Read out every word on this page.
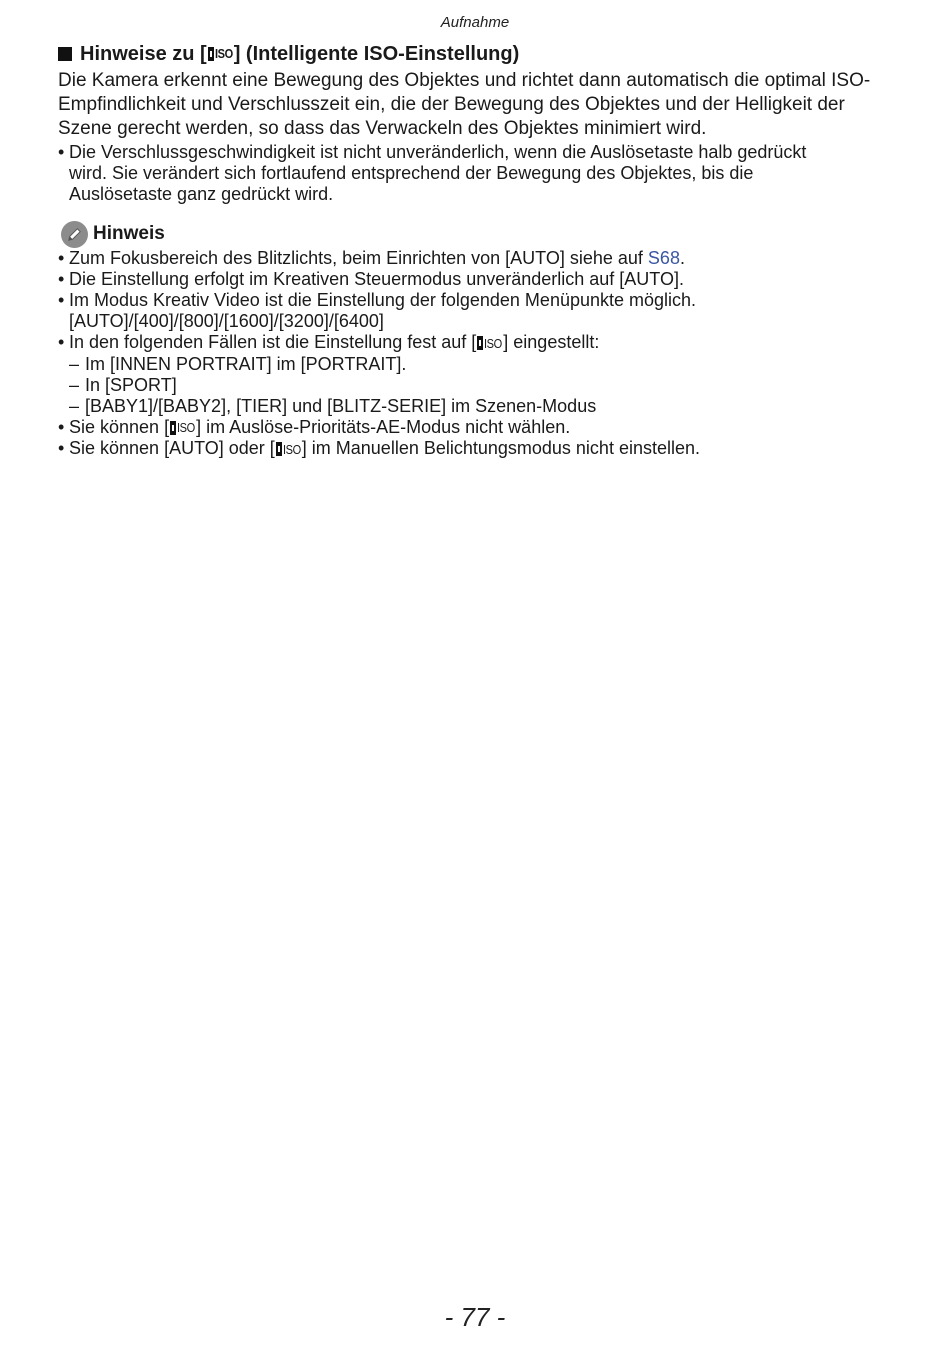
Aufnahme
Hinweise zu [ ISO ] (Intelligente ISO-Einstellung)
Die Kamera erkennt eine Bewegung des Objektes und richtet dann automatisch die optimal ISO-Empfindlichkeit und Verschlusszeit ein, die der Bewegung des Objektes und der Helligkeit der Szene gerecht werden, so dass das Verwackeln des Objektes minimiert wird.
• Die Verschlussgeschwindigkeit ist nicht unveränderlich, wenn die Auslösetaste halb gedrückt
wird. Sie verändert sich fortlaufend entsprechend der Bewegung des Objektes, bis die
Auslösetaste ganz gedrückt wird.
Hinweis
• Zum Fokusbereich des Blitzlichts, beim Einrichten von [AUTO] siehe auf S68.
• Die Einstellung erfolgt im Kreativen Steuermodus unveränderlich auf [AUTO].
• Im Modus Kreativ Video ist die Einstellung der folgenden Menüpunkte möglich.
[AUTO]/[400]/[800]/[1600]/[3200]/[6400]
• In den folgenden Fällen ist die Einstellung fest auf [ ISO ] eingestellt:
– Im [INNEN PORTRAIT] im [PORTRAIT].
– In [SPORT]
– [BABY1]/[BABY2], [TIER] und [BLITZ-SERIE] im Szenen-Modus
• Sie können [ ISO ] im Auslöse-Prioritäts-AE-Modus nicht wählen.
• Sie können [AUTO] oder [ ISO ] im Manuellen Belichtungsmodus nicht einstellen.
- 77 -
